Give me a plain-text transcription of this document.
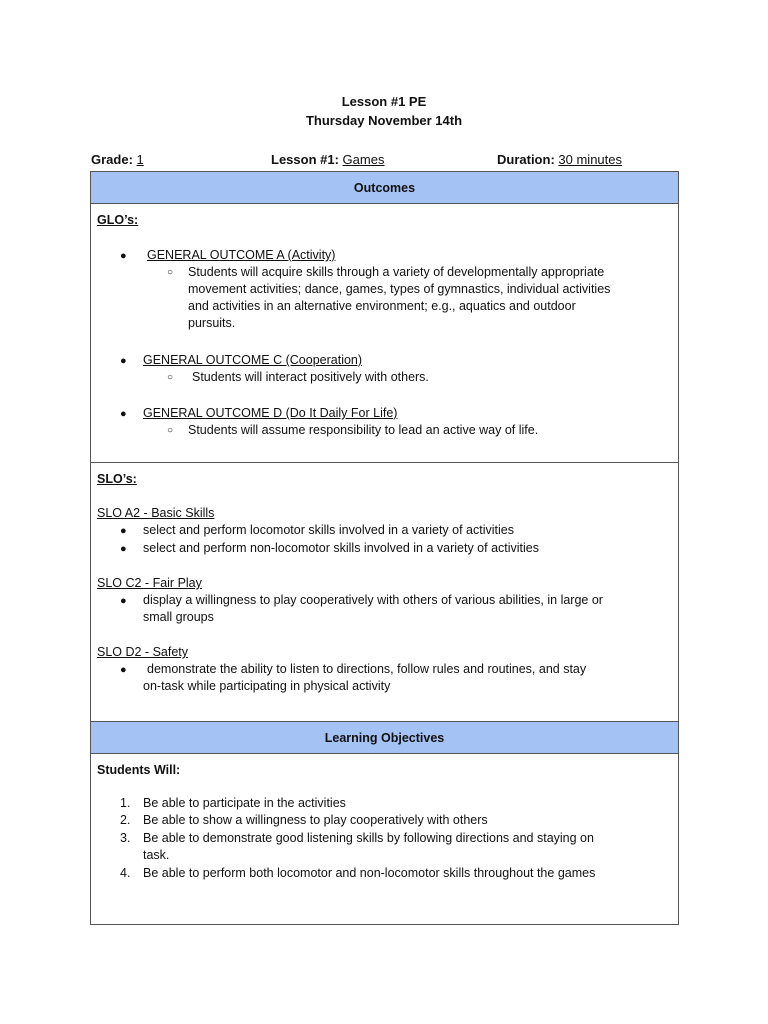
Lesson #1 PE
Thursday November 14th
Grade: 1	Lesson #1: Games	Duration: 30 minutes
Outcomes

GLO’s:
● GENERAL OUTCOME A (Activity)
○ Students will acquire skills through a variety of developmentally appropriate
movement activities; dance, games, types of gymnastics, individual activities
and activities in an alternative environment; e.g., aquatics and outdoor
pursuits.
● GENERAL OUTCOME C (Cooperation)
○ Students will interact positively with others.
● GENERAL OUTCOME D (Do It Daily For Life)
○ Students will assume responsibility to lead an active way of life.

SLO’s:
SLO A2 - Basic Skills
● select and perform locomotor skills involved in a variety of activities
● select and perform non-locomotor skills involved in a variety of activities
SLO C2 - Fair Play
● display a willingness to play cooperatively with others of various abilities, in large or
small groups
SLO D2 - Safety
● demonstrate the ability to listen to directions, follow rules and routines, and stay
on-task while participating in physical activity

Learning Objectives

Students Will:
1. Be able to participate in the activities
2. Be able to show a willingness to play cooperatively with others
3. Be able to demonstrate good listening skills by following directions and staying on
task.
4. Be able to perform both locomotor and non-locomotor skills throughout the games
